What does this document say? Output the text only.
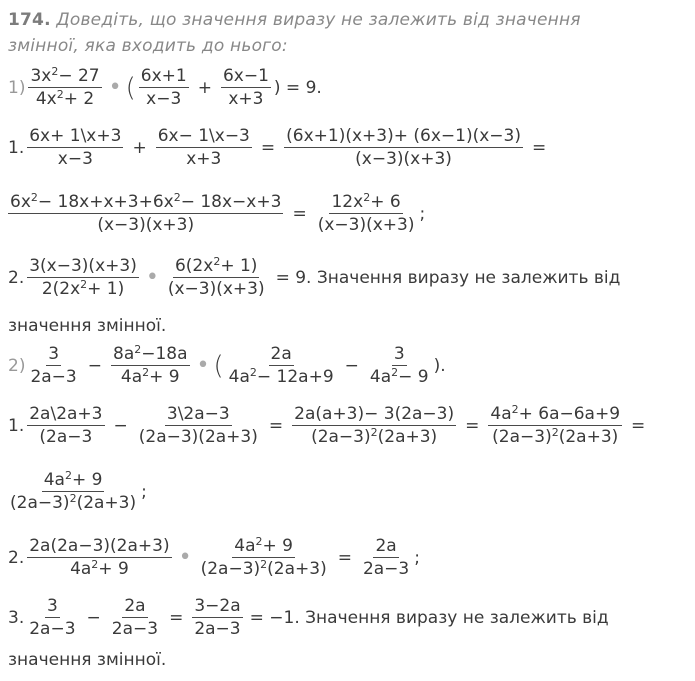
174. Доведіть, що значення виразу не залежить від значення
змінної, яка входить до нього:
$1) \frac{3x^2- 27}{4x^2+ 2}$ • ( $\frac{6x+1}{x-3} + \frac{6x-1}{x+3}$ ) = 9.
1. $\frac{6x+ 1\backslash x+3}{x-3} + \frac{6x- 1\backslash x-3}{x+3} = \frac{(6x+1)(x+3)+ (6x-1)(x-3)}{(x-3)(x+3)}$ =
$\frac{6x^2- 18x+x+3+6x^2- 18x-x+3}{(x-3)(x+3)} = \frac{12x^2+ 6}{(x-3)(x+3)}$ ;
2. $\frac{3(x-3)(x+3)}{2(2x^2+ 1)}$ • $\frac{6(2x^2+ 1)}{(x-3)(x+3)} = 9$. Значення виразу не залежить від
значення змінної.
$2) \frac{3}{2a-3} - \frac{8a^2-18a}{4a^2+ 9}$ • ( $\frac{2a}{4a^2- 12a+9} - \frac{3}{4a^2- 9}$ ).
1. $\frac{2a\backslash 2a+3}{(2a-3} - \frac{3\backslash 2a-3}{(2a-3)(2a+3)} = \frac{2a(a+3)- 3(2a-3)}{(2a-3)^2(2a+3)} = \frac{4a^2+ 6a-6a+9}{(2a-3)^2(2a+3)}$ =
$\frac{4a^2+ 9}{(2a-3)^2(2a+3)}$ ;
2. $\frac{2a(2a-3)(2a+3)}{4a^2+ 9}$ • $\frac{4a^2+ 9}{(2a-3)^2(2a+3)} = \frac{2a}{2a-3}$ ;
3. $\frac{3}{2a-3} - \frac{2a}{2a-3} = \frac{3-2a}{2a-3} = -1$. Значення виразу не залежить від
значення змінної.
